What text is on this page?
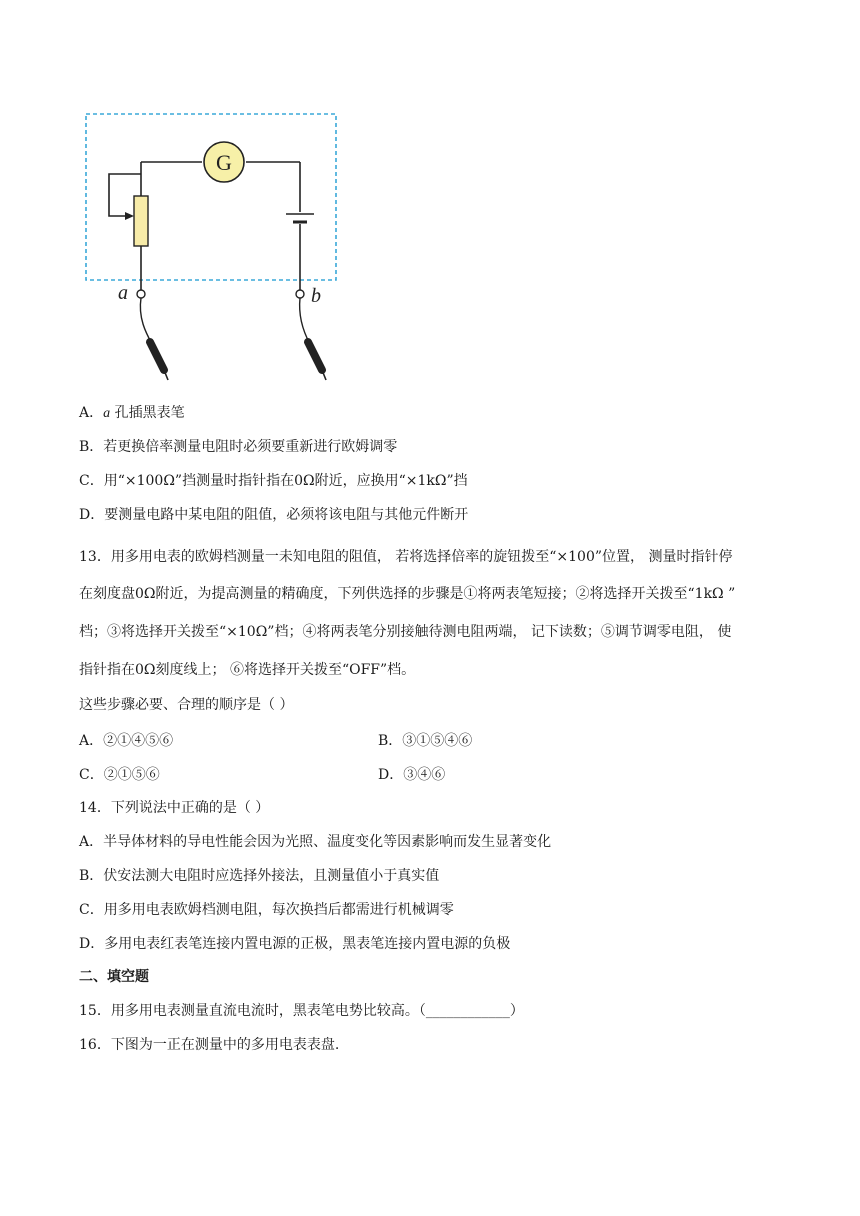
G
a	b
A．a 孔插黑表笔
B．若更换倍率测量电阻时必须要重新进行欧姆调零
C．用“×100Ω”挡测量时指针指在0Ω附近，应换用“×1kΩ”挡
D．要测量电路中某电阻的阻值，必须将该电阻与其他元件断开
13．用多用电表的欧姆档测量一未知电阻的阻值， 若将选择倍率的旋钮拨至“×100”位置， 测量时指针停
在刻度盘0Ω附近，为提高测量的精确度，下列供选择的步骤是①将两表笔短接；②将选择开关拨至“1kΩ ”
档；③将选择开关拨至“×10Ω”档；④将两表笔分别接触待测电阻两端， 记下读数；⑤调节调零电阻， 使
指针指在0Ω刻度线上； ⑥将选择开关拨至“OFF”档。
这些步骤必要、合理的顺序是（ ）
A．②①④⑤⑥	B．③①⑤④⑥
C．②①⑤⑥	D．③④⑥
14．下列说法中正确的是（ ）
A．半导体材料的导电性能会因为光照、温度变化等因素影响而发生显著变化
B．伏安法测大电阻时应选择外接法，且测量值小于真实值
C．用多用电表欧姆档测电阻，每次换挡后都需进行机械调零
D．多用电表红表笔连接内置电源的正极，黑表笔连接内置电源的负极
二、填空题
15．用多用电表测量直流电流时，黑表笔电势比较高。（____________）
16．下图为一正在测量中的多用电表表盘.
